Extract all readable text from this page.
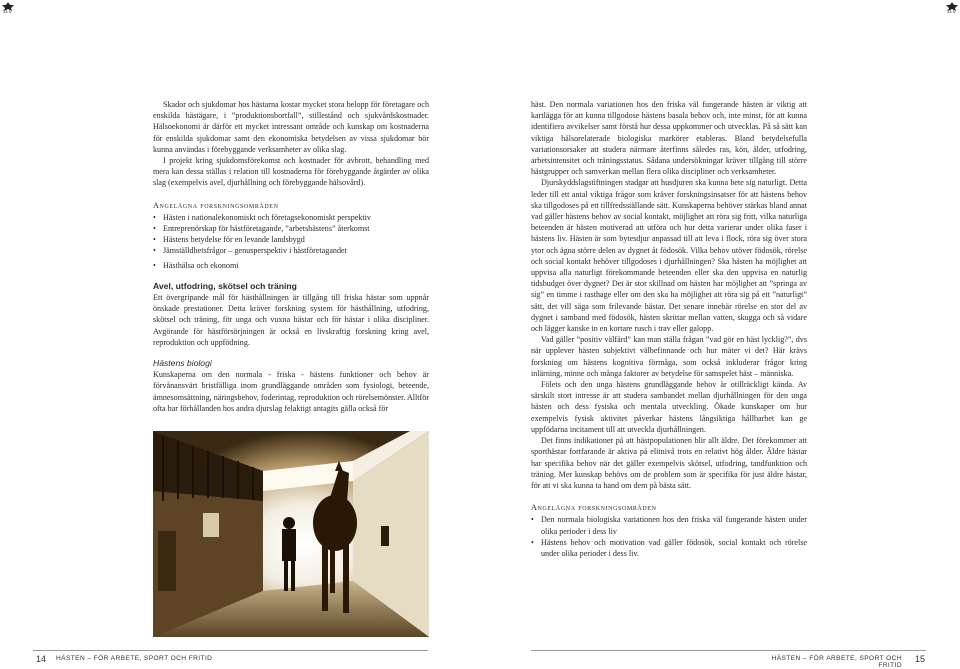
SLU	SLU

Skador och sjukdomar hos hästarna kostar mycket stora belopp för företagare och enskilda hästägare, i ”produktionsbortfall”, stillestånd och sjukvårdskostnader. Hälsoekonomi är därför ett mycket intressant område och kunskap om kostnaderna för enskilda sjukdomar samt den ekonomiska betydelsen av vissa sjukdomar bör kunna användas i förebyggande verksamheter av olika slag.

I projekt kring sjukdomsförekomst och kostnader för avbrott, behandling med mera kan dessa ställas i relation till kostnaderna för förebyggande åtgärder av olika slag (exempelvis avel, djurhållning och förebyggande hälsovård).

Angelägna forskningsområden
• Hästen i nationalekonomiskt och företagsekonomiskt perspektiv
• Entreprenörskap för hästföretagande, ”arbetshästens” återkomst
• Hästens betydelse för en levande landsbygd
• Jämställdhetsfrågor – genusperspektiv i hästföretagandet
• Hästhälsa och ekonomi
Avel, utfodring, skötsel och träning

Ett övergripande mål för hästhållningen är tillgång till friska hästar som uppnår önskade prestationer. Detta kräver forskning system för hästhållning, utfodring, skötsel och träning, för unga och vuxna hästar och för hästar i olika discipliner. Avgörande för hästförsörjningen är också en livskraftig forskning kring avel, reproduktion och uppfödning.

Hästens biologi

Kunskaperna om den normala - friska - hästens funktioner och behov är förvånansvärt bristfälliga inom grundläggande områden som fysiologi, beteende, ämnesomsättning, näringsbehov, foderintag, reproduktion och rörelsemönster. Alltför ofta har förhållanden hos andra djurslag felaktigt antagits gälla också för

häst. Den normala variationen hos den friska väl fungerande hästen är viktig att kartlägga för att kunna tillgodose hästens basala behov och, inte minst, för att kunna identifiera avvikelser samt förstå hur dessa uppkommer och utvecklas. På så sätt kan viktiga hälsorelaterade biologiska markörer etableras. Bland betydelsefulla variationsorsaker att studera närmare återfinns således ras, kön, ålder, utfodring, arbetsintensitet och träningsstatus. Sådana undersökningar kräver tillgång till större hästgrupper och samverkan mellan flera olika discipliner och verksamheter.

Djurskyddslagstiftningen stadgar att husdjuren ska kunna bete sig naturligt. Detta leder till ett antal viktiga frågor som kräver forskningsinsatser för att hästens behov ska tillgodoses på ett tillfredsställande sätt. Kunskaperna behöver stärkas bland annat vad gäller hästens behov av social kontakt, möjlighet att röra sig fritt, vilka naturliga beteenden är hästen motiverad att utföra och hur detta varierar under olika faser i hästens liv. Hästen är som bytesdjur anpassad till att leva i flock, röra sig över stora ytor och ägna större delen av dygnet åt födosök. Vilka behov utöver födosök, rörelse och social kontakt behöver tillgodoses i djurhållningen? Ska hästen ha möjlighet att uppvisa alla naturligt förekommande beteenden eller ska den uppvisa en naturlig tidsbudget över dygnet? Det är stor skillnad om hästen har möjlighet att ”springa av sig” en timme i rasthage eller om den ska ha möjlighet att röra sig på ett ”naturligt” sätt, det vill säga som frilevande hästar. Det senare innebär rörelse en stor del av dygnet i samband med födosök, hästen skrittar mellan vatten, skugga och så vidare och lägger kanske in en kortare rusch i trav eller galopp.

Vad gäller ”positiv välfärd” kan man ställa frågan ”vad gör en häst lycklig?”, dvs när upplever hästen subjektivt välbefinnande och hur mäter vi det? Här krävs forskning om hästens kognitiva förmåga, som också inkluderar frågor kring inlärning, minne och många faktorer av betydelse för samspelet häst – människa.

Fölets och den unga hästens grundläggande behov är otillräckligt kända. Av särskilt stort intresse är att studera sambandet mellan djurhållningen för den unga hästen och dess fysiska och mentala utveckling. Ökade kunskaper om hur exempelvis fysisk aktivitet påverkar hästens långsiktiga hållbarhet kan ge uppfödarna incitament till att utveckla djurhållningen.

Det finns indikationer på att hästpopulationen blir allt äldre. Det förekommer att sporthästar fortfarande är aktiva på elitnivå trots en relativt hög ålder. Äldre hästar har specifika behov när det gäller exempelvis skötsel, utfodring, tandfunktion och träning. Mer kunskap behövs om de problem som är specifika för just äldre hästar, för att vi ska kunna ta hand om dem på bästa sätt.

Angelägna forskningsområden
• Den normala biologiska variationen hos den friska väl fungerande hästen under olika perioder i dess liv
• Hästens behov och motivation vad gäller födosök, social kontakt och rörelse under olika perioder i dess liv.
14 HÄSTEN – FÖR ARBETE, SPORT OCH FRITID	HÄSTEN – FÖR ARBETE, SPORT OCH FRITID
15
